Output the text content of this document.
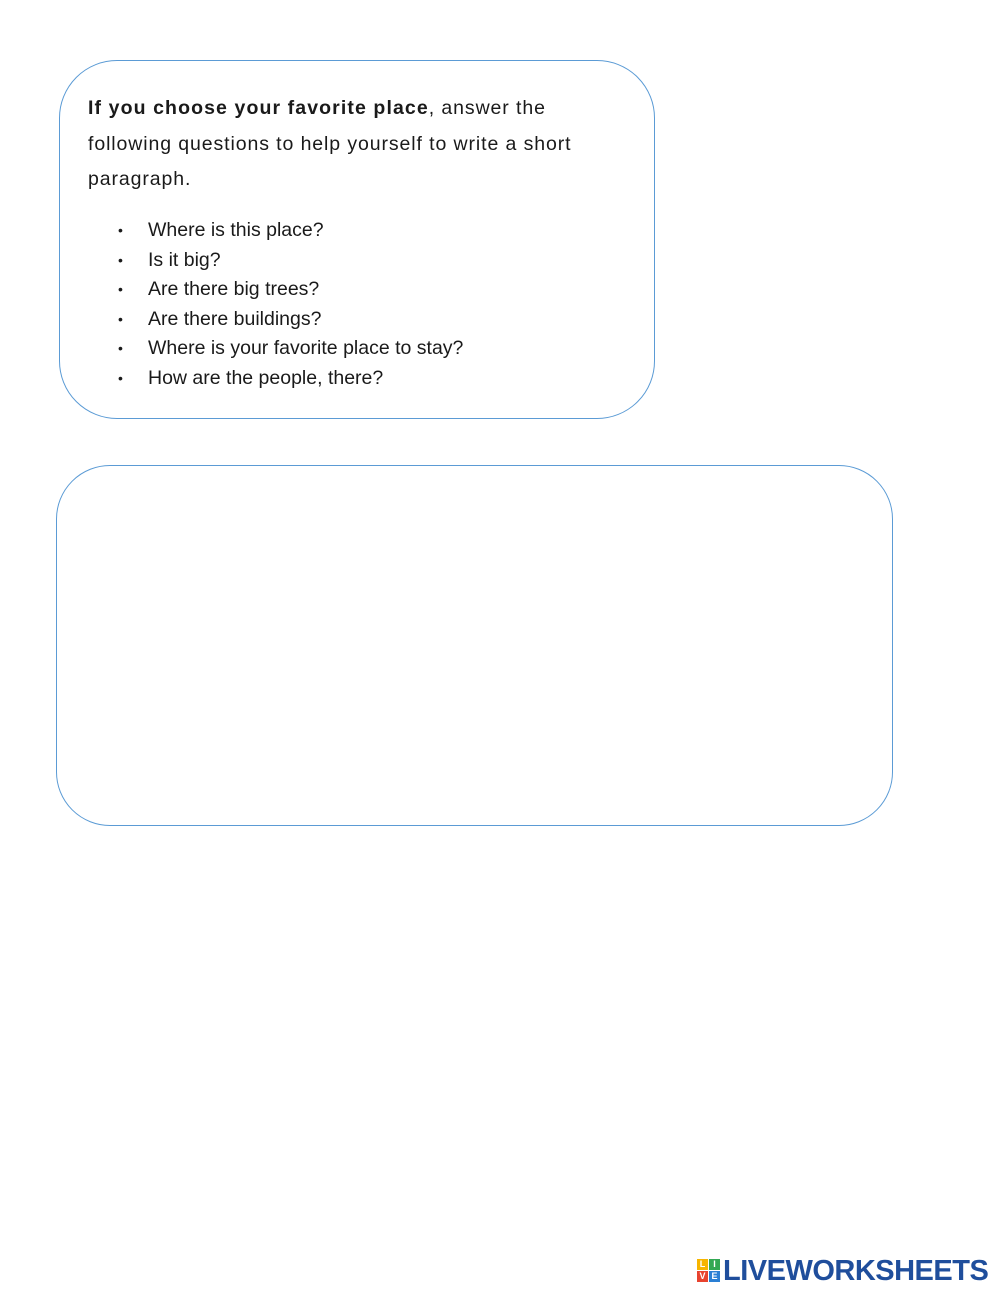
If you choose your favorite place, answer the following questions to help yourself to write a short paragraph.

• Where is this place?
• Is it big?
• Are there big trees?
• Are there buildings?
• Where is your favorite place to stay?
• How are the people, there?
L I
V E LIVEWORKSHEETS
